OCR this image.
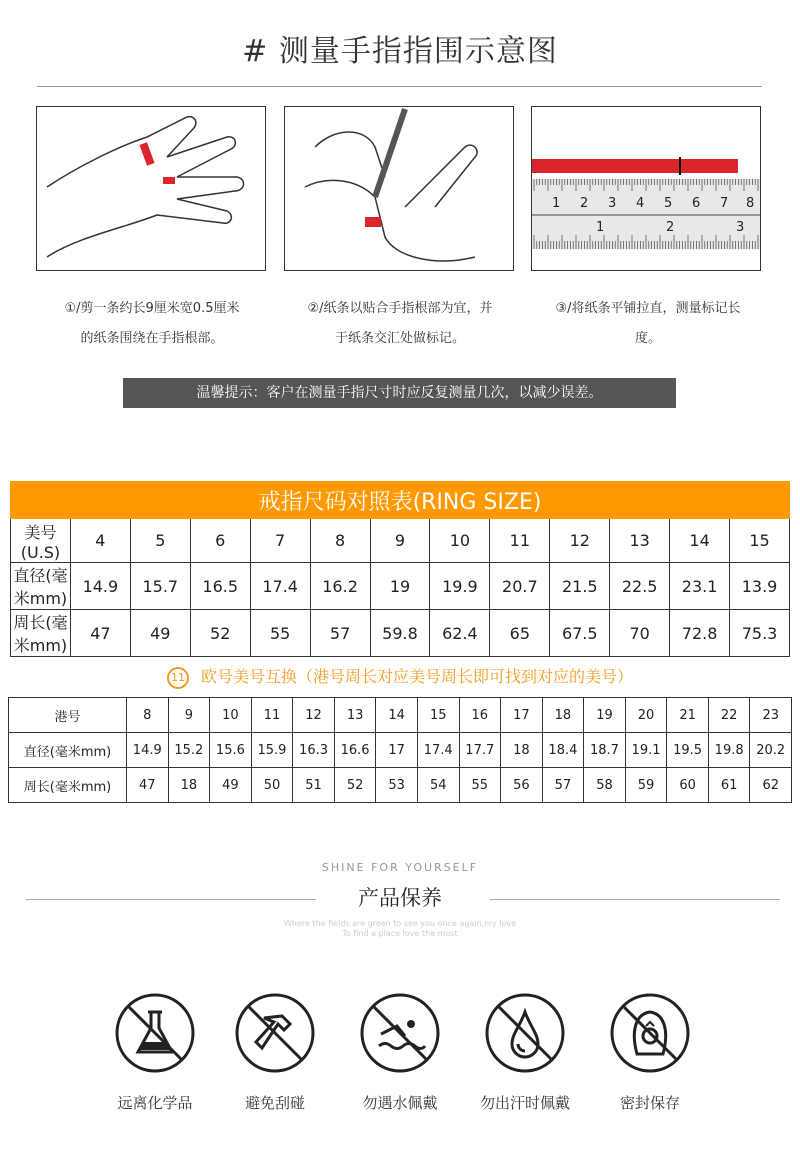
# 测量手指指围示意图
1 2 3 4 5 6 7 8
1	2	3
①/剪一条约长9厘米宽0.5厘米
的纸条围绕在手指根部。
②/纸条以贴合手指根部为宜，并
于纸条交汇处做标记。
③/将纸条平铺拉直，测量标记长
度。
温馨提示：客户在测量手指尺寸时应反复测量几次，以减少误差。
戒指尺码对照表(RING SIZE)												
美号(U.S)	4	5	6	7	8	9	10	11	12	13	14	15
直径(毫米mm)	14.9	15.7	16.5	17.4	16.2	19	19.9	20.7	21.5	22.5	23.1	13.9
周长(毫米mm)	47	49	52	55	57	59.8	62.4	65	67.5	70	72.8	75.3
11 欧号美号互换（港号周长对应美号周长即可找到对应的美号）
港号	8	9	10	11	12	13	14	15	16	17	18	19	20	21	22	23
直径(毫米mm)	14.9	15.2	15.6	15.9	16.3	16.6	17	17.4	17.7	18	18.4	18.7	19.1	19.5	19.8	20.2
周长(毫米mm)	47	18	49	50	51	52	53	54	55	56	57	58	59	60	61	62
SHINE FOR YOURSELF
产品保养
Where the fields are green to see you once again,my love
To find a place love the most
远离化学品	避免刮碰	勿遇水佩戴	勿出汗时佩戴	密封保存
